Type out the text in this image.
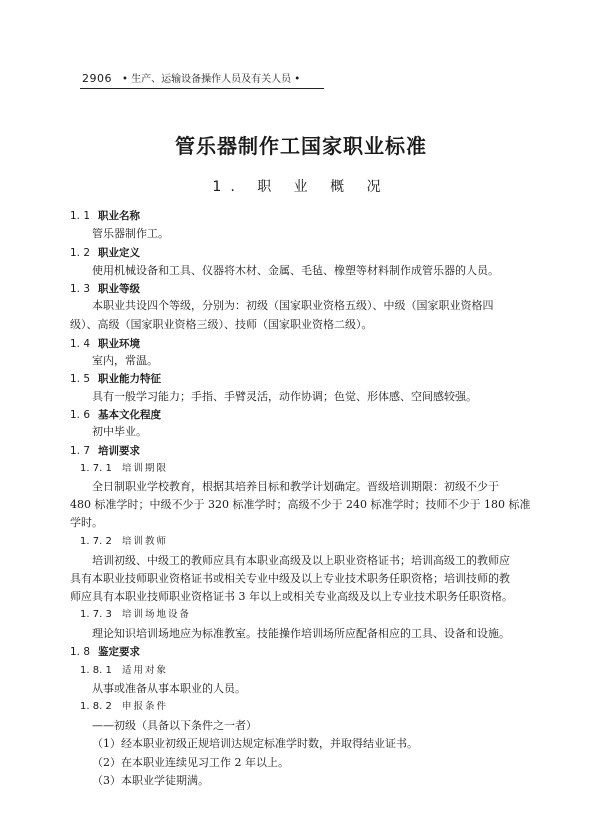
2906 • 生产、运输设备操作人员及有关人员 •
管乐器制作工国家职业标准
1. 职 业 概 况
1. 1 职业名称
管乐器制作工。
1. 2 职业定义
使用机械设备和工具、仪器将木材、金属、毛毡、橡塑等材料制作成管乐器的人员。
1. 3 职业等级
本职业共设四个等级，分别为：初级（国家职业资格五级）、中级（国家职业资格四
级）、高级（国家职业资格三级）、技师（国家职业资格二级）。
1. 4 职业环境
室内，常温。
1. 5 职业能力特征
具有一般学习能力；手指、手臂灵活，动作协调；色觉、形体感、空间感较强。
1. 6 基本文化程度
初中毕业。
1. 7 培训要求
1. 7. 1 培训期限
全日制职业学校教育，根据其培养目标和教学计划确定。晋级培训期限：初级不少于
480 标准学时；中级不少于 320 标准学时；高级不少于 240 标准学时；技师不少于 180 标准
学时。
1. 7. 2 培训教师
培训初级、中级工的教师应具有本职业高级及以上职业资格证书；培训高级工的教师应
具有本职业技师职业资格证书或相关专业中级及以上专业技术职务任职资格；培训技师的教
师应具有本职业技师职业资格证书 3 年以上或相关专业高级及以上专业技术职务任职资格。
1. 7. 3 培训场地设备
理论知识培训场地应为标准教室。技能操作培训场所应配备相应的工具、设备和设施。
1. 8 鉴定要求
1. 8. 1 适用对象
从事或准备从事本职业的人员。
1. 8. 2 申报条件
——初级（具备以下条件之一者）
（1）经本职业初级正规培训达规定标准学时数，并取得结业证书。
（2）在本职业连续见习工作 2 年以上。
（3）本职业学徒期满。
